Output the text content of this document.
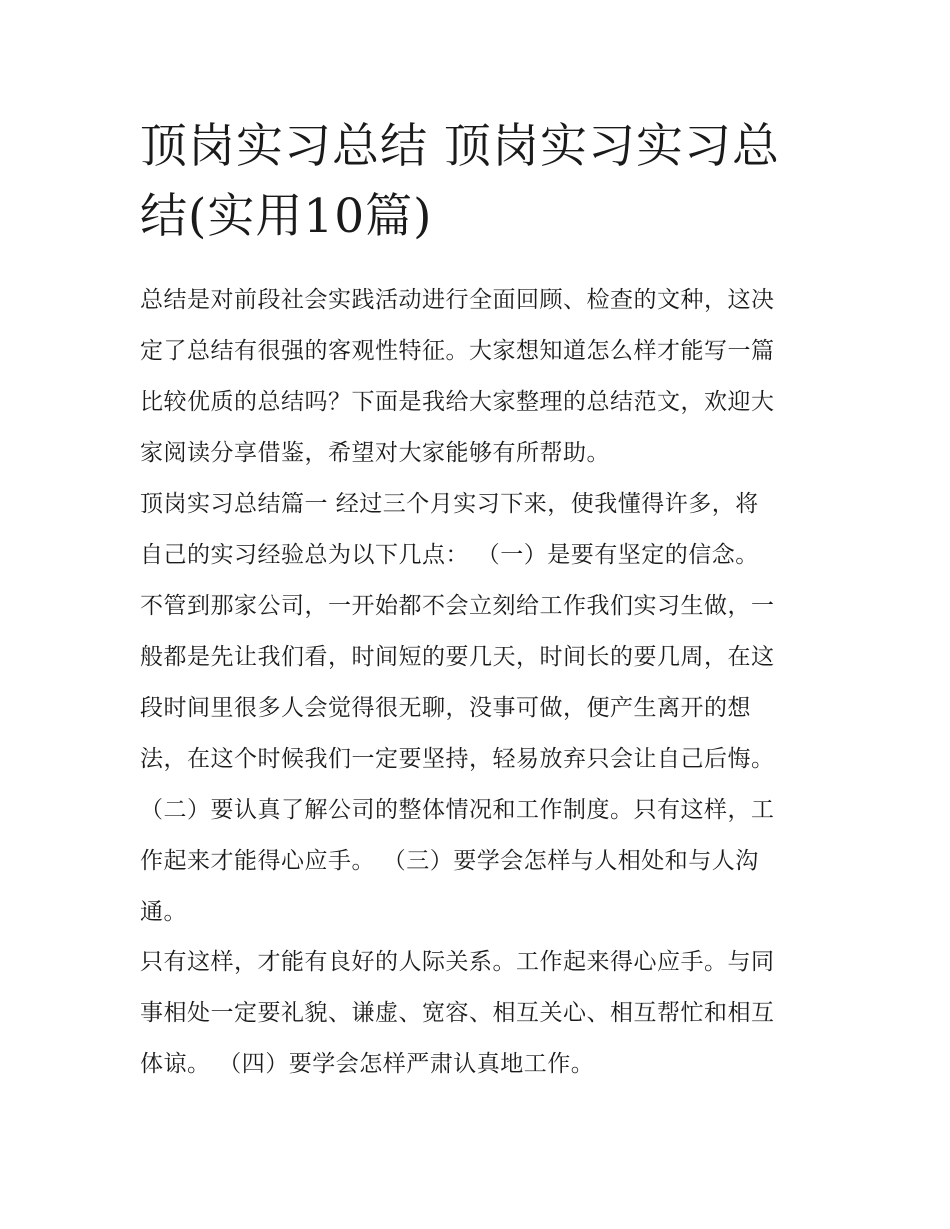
顶岗实习总结 顶岗实习实习总
结(实用10篇)

总结是对前段社会实践活动进行全面回顾、检查的文种，这决
定了总结有很强的客观性特征。大家想知道怎么样才能写一篇
比较优质的总结吗？下面是我给大家整理的总结范文，欢迎大
家阅读分享借鉴，希望对大家能够有所帮助。

顶岗实习总结篇一 经过三个月实习下来，使我懂得许多，将
自己的实习经验总为以下几点： （一）是要有坚定的信念。
不管到那家公司，一开始都不会立刻给工作我们实习生做，一
般都是先让我们看，时间短的要几天，时间长的要几周，在这
段时间里很多人会觉得很无聊，没事可做，便产生离开的想
法，在这个时候我们一定要坚持，轻易放弃只会让自己后悔。
（二）要认真了解公司的整体情况和工作制度。只有这样，工
作起来才能得心应手。 （三）要学会怎样与人相处和与人沟
通。

只有这样，才能有良好的人际关系。工作起来得心应手。与同
事相处一定要礼貌、谦虚、宽容、相互关心、相互帮忙和相互
体谅。 （四）要学会怎样严肃认真地工作。
